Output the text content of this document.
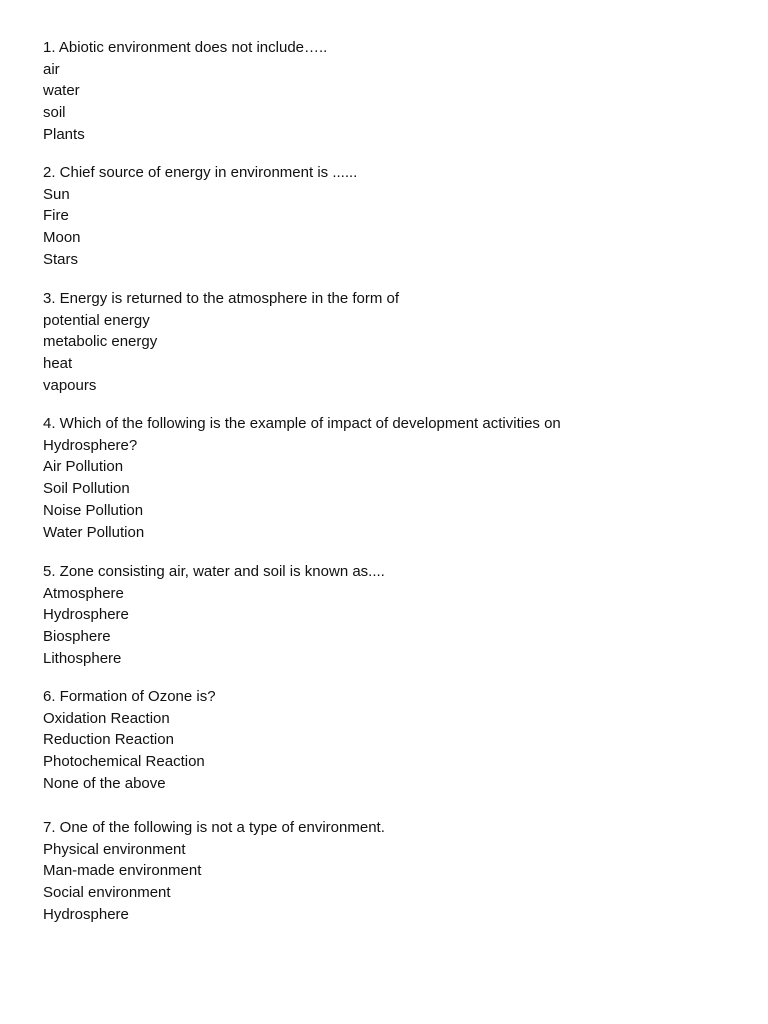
1. Abiotic environment does not include…..
air
water
soil
Plants
2. Chief source of energy in environment is ......
Sun
Fire
Moon
Stars
3. Energy is returned to the atmosphere in the form of
potential energy
metabolic energy
heat
vapours
4. Which of the following is the example of impact of development activities on Hydrosphere?
Air Pollution
Soil Pollution
Noise Pollution
Water Pollution
5. Zone consisting air, water and soil is known as....
Atmosphere
Hydrosphere
Biosphere
Lithosphere
6. Formation of Ozone is?
Oxidation Reaction
Reduction Reaction
Photochemical Reaction
None of the above
7. One of the following is not a type of environment.
Physical environment
Man-made environment
Social environment
Hydrosphere
